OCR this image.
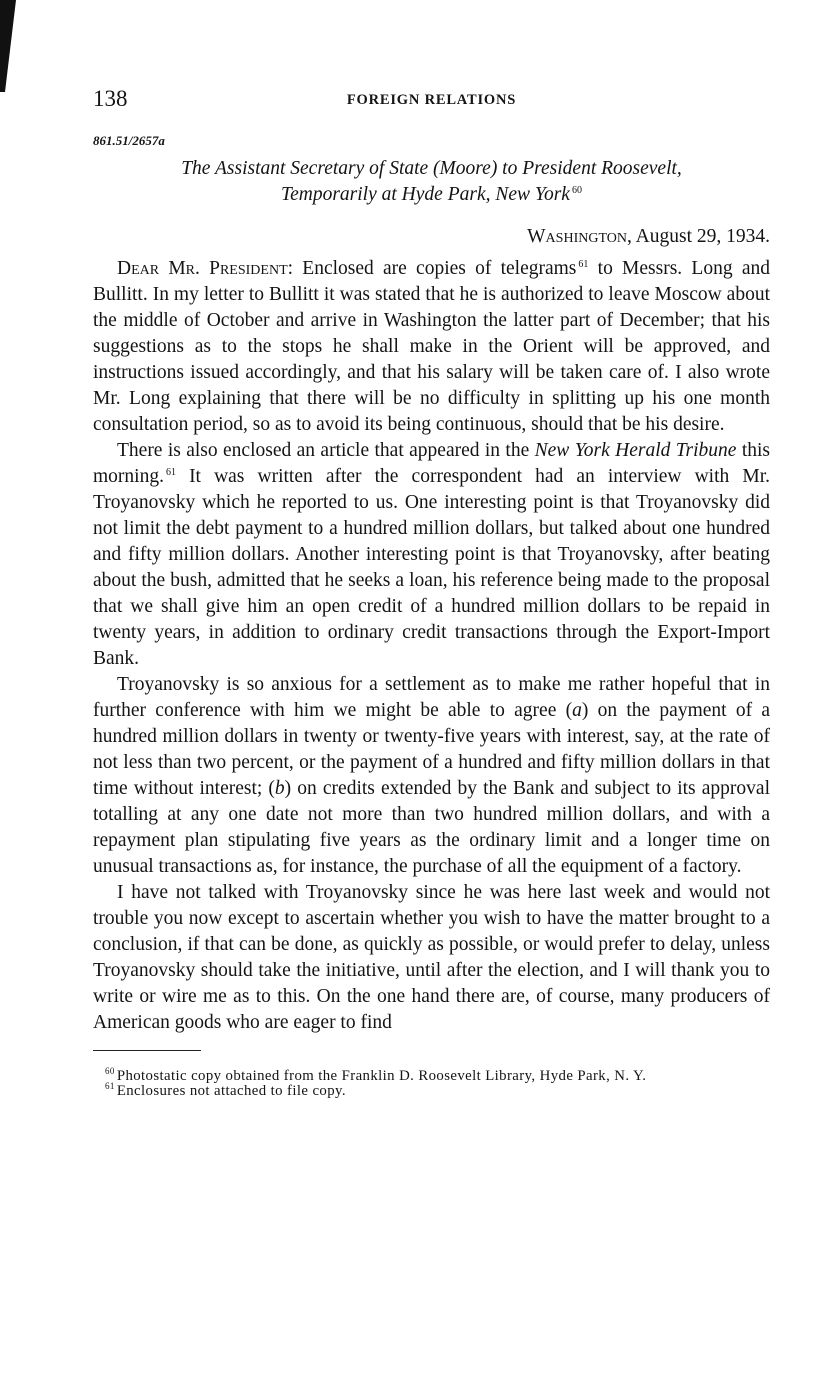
138	FOREIGN RELATIONS
861.51/2657a
The Assistant Secretary of State (Moore) to President Roosevelt,
Temporarily at Hyde Park, New York $^{60}$
Washington, August 29, 1934.

Dear Mr. President: Enclosed are copies of telegrams $^{61}$ to Messrs. Long and Bullitt. In my letter to Bullitt it was stated that he is authorized to leave Moscow about the middle of October and arrive in Washington the latter part of December; that his suggestions as to the stops he shall make in the Orient will be approved, and instructions issued accordingly, and that his salary will be taken care of. I also wrote Mr. Long explaining that there will be no difficulty in splitting up his one month consultation period, so as to avoid its being continuous, should that be his desire.

There is also enclosed an article that appeared in the New York Herald Tribune this morning. $^{61}$ It was written after the correspondent had an interview with Mr. Troyanovsky which he reported to us. One interesting point is that Troyanovsky did not limit the debt payment to a hundred million dollars, but talked about one hundred and fifty million dollars. Another interesting point is that Troyanovsky, after beating about the bush, admitted that he seeks a loan, his reference being made to the proposal that we shall give him an open credit of a hundred million dollars to be repaid in twenty years, in addition to ordinary credit transactions through the Export-Import Bank.

Troyanovsky is so anxious for a settlement as to make me rather hopeful that in further conference with him we might be able to agree (a) on the payment of a hundred million dollars in twenty or twenty-five years with interest, say, at the rate of not less than two percent, or the payment of a hundred and fifty million dollars in that time without interest; (b) on credits extended by the Bank and subject to its approval totalling at any one date not more than two hundred million dollars, and with a repayment plan stipulating five years as the ordinary limit and a longer time on unusual transactions as, for instance, the purchase of all the equipment of a factory.

I have not talked with Troyanovsky since he was here last week and would not trouble you now except to ascertain whether you wish to have the matter brought to a conclusion, if that can be done, as quickly as possible, or would prefer to delay, unless Troyanovsky should take the initiative, until after the election, and I will thank you to write or wire me as to this. On the one hand there are, of course, many producers of American goods who are eager to find

$^{60}$ Photostatic copy obtained from the Franklin D. Roosevelt Library, Hyde Park, N. Y.

$^{61}$ Enclosures not attached to file copy.
